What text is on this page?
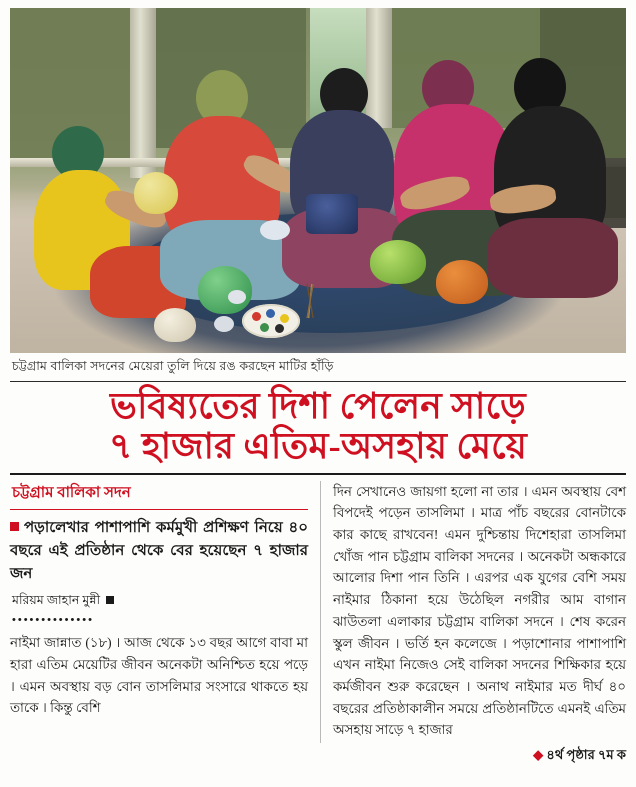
চট্টগ্রাম বালিকা সদনের মেয়েরা তুলি দিয়ে রঙ করছেন মাটির হাঁড়ি
ভবিষ্যতের দিশা পেলেন সাড়ে
৭ হাজার এতিম-অসহায় মেয়ে
চট্টগ্রাম বালিকা সদন

পড়ালেখার পাশাপাশি কর্মমুখী প্রশিক্ষণ নিয়ে ৪০ বছরে এই প্রতিষ্ঠান থেকে বের হয়েছেন ৭ হাজার জন

মরিয়ম জাহান মুন্নী
••••••••••••••

নাইমা জান্নাত (১৮) । আজ থেকে ১৩ বছর আগে বাবা মা হারা এতিম মেয়েটির জীবন অনেকটা অনিশ্চিত হয়ে পড়ে । এমন অবস্থায় বড় বোন তাসলিমার সংসারে থাকতে হয় তাকে । কিন্তু বেশি

দিন সেখানেও জায়গা হলো না তার । এমন অবস্থায় বেশ বিপদেই পড়েন তাসলিমা । মাত্র পাঁচ বছরের বোনটাকে কার কাছে রাখবেন! এমন দুশ্চিন্তায় দিশেহারা তাসলিমা খোঁজ পান চট্টগ্রাম বালিকা সদনের । অনেকটা অন্ধকারে আলোর দিশা পান তিনি । এরপর এক যুগের বেশি সময় নাইমার ঠিকানা হয়ে উঠেছিল নগরীর আম বাগান ঝাউতলা এলাকার চট্টগ্রাম বালিকা সদনে । শেষ করেন স্কুল জীবন । ভর্তি হন কলেজে । পড়াশোনার পাশাপাশি এখন নাইমা নিজেও সেই বালিকা সদনের শিক্ষিকার হয়ে কর্মজীবন শুরু করেছেন । অনাথ নাইমার মত দীর্ঘ ৪০ বছরের প্রতিষ্ঠাকালীন সময়ে প্রতিষ্ঠানটিতে এমনই এতিম অসহায় সাড়ে ৭ হাজার

◆ ৪র্থ পৃষ্ঠার ৭ম ক
